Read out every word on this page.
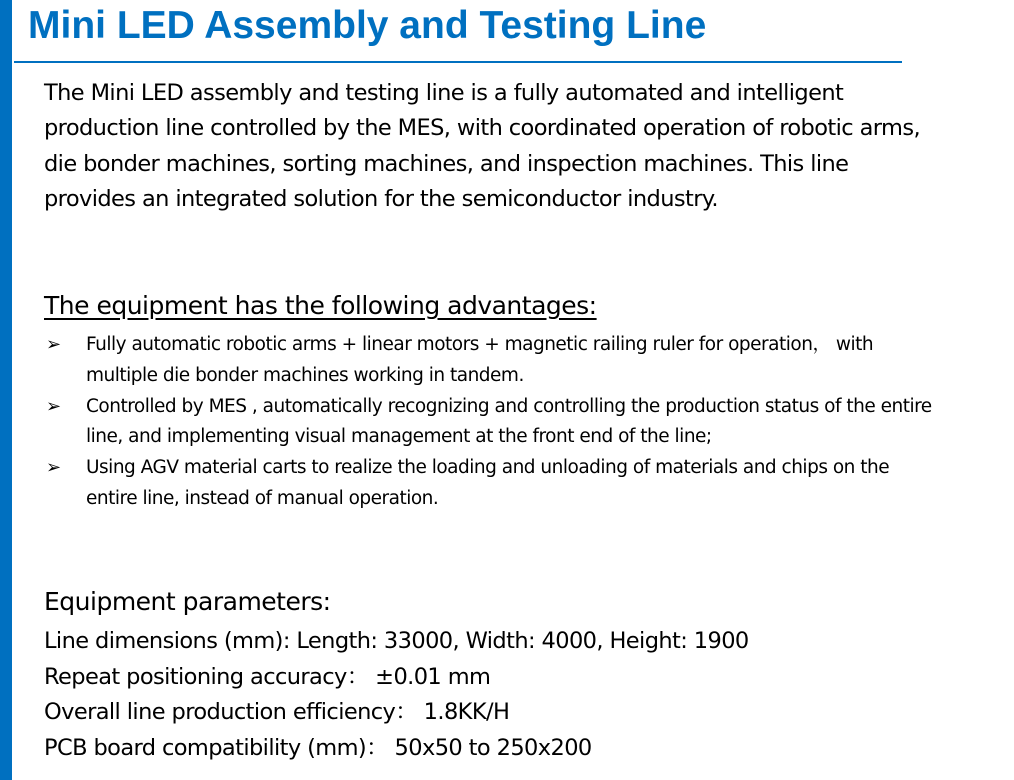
Mini LED Assembly and Testing Line
The Mini LED assembly and testing line is a fully automated and intelligent production line controlled by the MES, with coordinated operation of robotic arms, die bonder machines, sorting machines, and inspection machines. This line provides an integrated solution for the semiconductor industry.
The equipment has the following advantages:
➢ Fully automatic robotic arms + linear motors + magnetic railing ruler for operation， with multiple die bonder machines working in tandem.
➢ Controlled by MES , automatically recognizing and controlling the production status of the entire line, and implementing visual management at the front end of the line;
➢ Using AGV material carts to realize the loading and unloading of materials and chips on the entire line, instead of manual operation.
Equipment parameters:
Line dimensions (mm): Length: 33000, Width: 4000, Height: 1900
Repeat positioning accuracy： ±0.01 mm
Overall line production efficiency： 1.8KK/H
PCB board compatibility (mm)： 50x50 to 250x200
